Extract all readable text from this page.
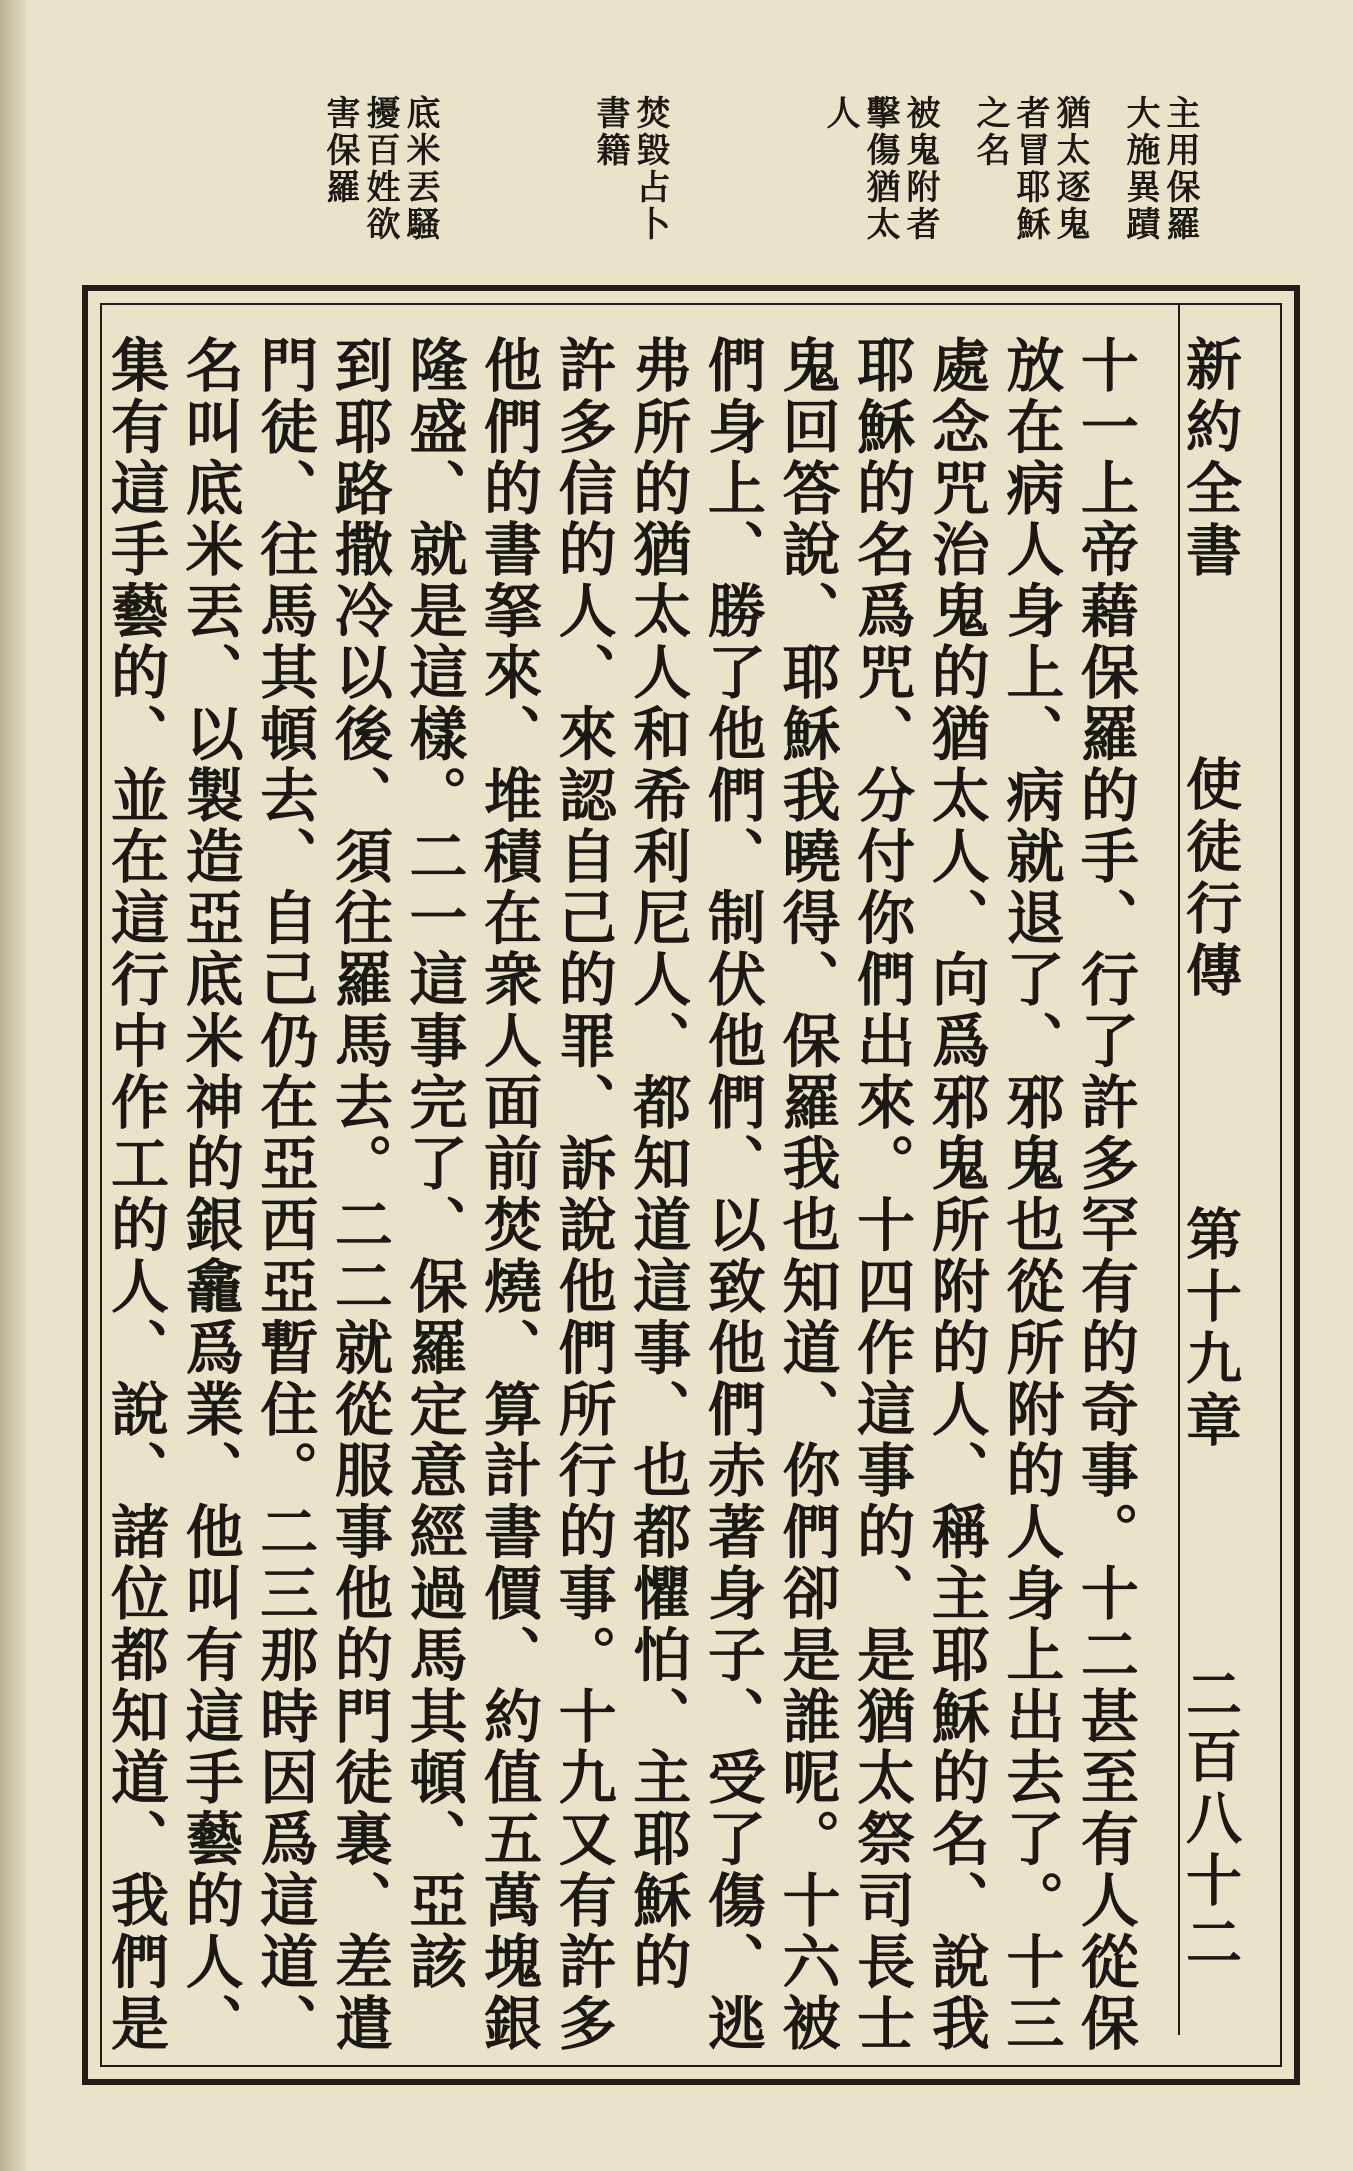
主用保羅
大施異蹟
猶太逐鬼
者冒耶穌
之名
被鬼附者
擊傷猶太
人
焚毀占卜
書籍
底米丟騷
擾百姓欲
害保羅
新約全書
使徒行傳
第十九章
二百八十二
十一上帝藉保羅的手、行了許多罕有的奇事。十二甚至有人從保
放在病人身上、病就退了、邪鬼也從所附的人身上出去了。十三
處念咒治鬼的猶太人、向爲邪鬼所附的人、稱主耶穌的名、說我
耶穌的名爲咒、分付你們出來。十四作這事的、是猶太祭司長士
鬼回答說、耶穌我曉得、保羅我也知道、你們卻是誰呢。十六被
們身上、勝了他們、制伏他們、以致他們赤著身子、受了傷、逃
弗所的猶太人和希利尼人、都知道這事、也都懼怕、主耶穌的
許多信的人、來認自己的罪、訴說他們所行的事。十九又有許多
他們的書拏來、堆積在衆人面前焚燒、算計書價、約值五萬塊銀
隆盛、就是這樣。二一這事完了、保羅定意經過馬其頓、亞該
到耶路撒冷以後、須往羅馬去。二二就從服事他的門徒裏、差遣
門徒、往馬其頓去、自己仍在亞西亞暫住。二三那時因爲這道、
名叫底米丟、以製造亞底米神的銀龕爲業、他叫有這手藝的人、
集有這手藝的、並在這行中作工的人、說、諸位都知道、我們是
